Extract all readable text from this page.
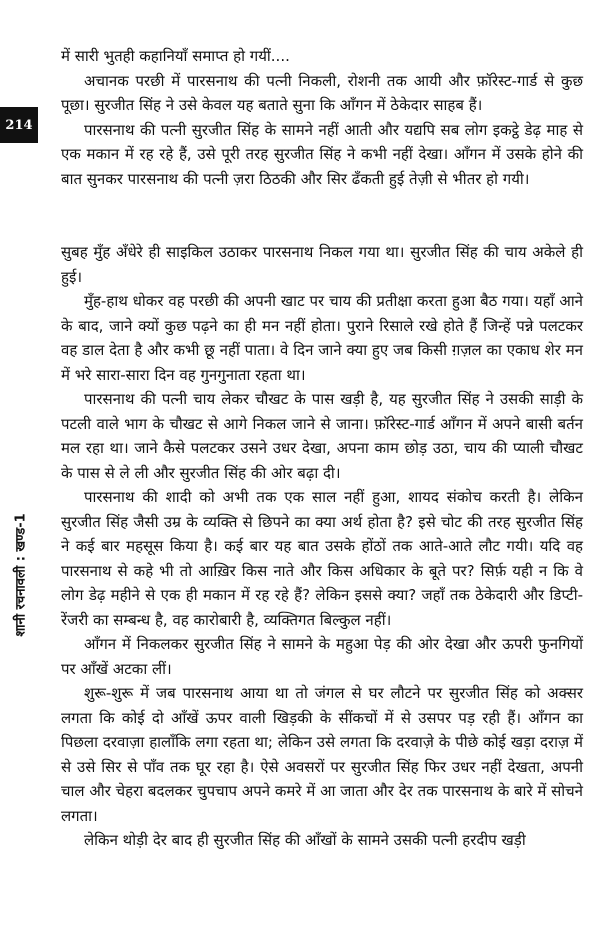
214
शानी रचनावली : खण्ड-1

में सारी भुतही कहानियाँ समाप्त हो गयीं....

अचानक परछी में पारसनाथ की पत्नी निकली, रोशनी तक आयी और फ़ॉरेस्ट-गार्ड से कुछ पूछा। सुरजीत सिंह ने उसे केवल यह बताते सुना कि आँगन में ठेकेदार साहब हैं।

पारसनाथ की पत्नी सुरजीत सिंह के सामने नहीं आती और यद्यपि सब लोग इकट्ठे डेढ़ माह से एक मकान में रह रहे हैं, उसे पूरी तरह सुरजीत सिंह ने कभी नहीं देखा। आँगन में उसके होने की बात सुनकर पारसनाथ की पत्नी ज़रा ठिठकी और सिर ढँकती हुई तेज़ी से भीतर हो गयी।

सुबह मुँह अँधेरे ही साइकिल उठाकर पारसनाथ निकल गया था। सुरजीत सिंह की चाय अकेले ही हुई।

मुँह-हाथ धोकर वह परछी की अपनी खाट पर चाय की प्रतीक्षा करता हुआ बैठ गया। यहाँ आने के बाद, जाने क्यों कुछ पढ़ने का ही मन नहीं होता। पुराने रिसाले रखे होते हैं जिन्हें पन्ने पलटकर वह डाल देता है और कभी छू नहीं पाता। वे दिन जाने क्या हुए जब किसी ग़ज़ल का एकाध शेर मन में भरे सारा-सारा दिन वह गुनगुनाता रहता था।

पारसनाथ की पत्नी चाय लेकर चौखट के पास खड़ी है, यह सुरजीत सिंह ने उसकी साड़ी के पटली वाले भाग के चौखट से आगे निकल जाने से जाना। फ़ॉरेस्ट-गार्ड आँगन में अपने बासी बर्तन मल रहा था। जाने कैसे पलटकर उसने उधर देखा, अपना काम छोड़ उठा, चाय की प्याली चौखट के पास से ले ली और सुरजीत सिंह की ओर बढ़ा दी।

पारसनाथ की शादी को अभी तक एक साल नहीं हुआ, शायद संकोच करती है। लेकिन सुरजीत सिंह जैसी उम्र के व्यक्ति से छिपने का क्या अर्थ होता है? इसे चोट की तरह सुरजीत सिंह ने कई बार महसूस किया है। कई बार यह बात उसके होंठों तक आते-आते लौट गयी। यदि वह पारसनाथ से कहे भी तो आख़िर किस नाते और किस अधिकार के बूते पर? सिर्फ़ यही न कि वे लोग डेढ़ महीने से एक ही मकान में रह रहे हैं? लेकिन इससे क्या? जहाँ तक ठेकेदारी और डिप्टी-रेंजरी का सम्बन्ध है, वह कारोबारी है, व्यक्तिगत बिल्कुल नहीं।

आँगन में निकलकर सुरजीत सिंह ने सामने के महुआ पेड़ की ओर देखा और ऊपरी फुनगियों पर आँखें अटका लीं।

शुरू-शुरू में जब पारसनाथ आया था तो जंगल से घर लौटने पर सुरजीत सिंह को अक्सर लगता कि कोई दो आँखें ऊपर वाली खिड़की के सींकचों में से उसपर पड़ रही हैं। आँगन का पिछला दरवाज़ा हालाँकि लगा रहता था; लेकिन उसे लगता कि दरवाज़े के पीछे कोई खड़ा दराज़ में से उसे सिर से पाँव तक घूर रहा है। ऐसे अवसरों पर सुरजीत सिंह फिर उधर नहीं देखता, अपनी चाल और चेहरा बदलकर चुपचाप अपने कमरे में आ जाता और देर तक पारसनाथ के बारे में सोचने लगता।

लेकिन थोड़ी देर बाद ही सुरजीत सिंह की आँखों के सामने उसकी पत्नी हरदीप खड़ी
